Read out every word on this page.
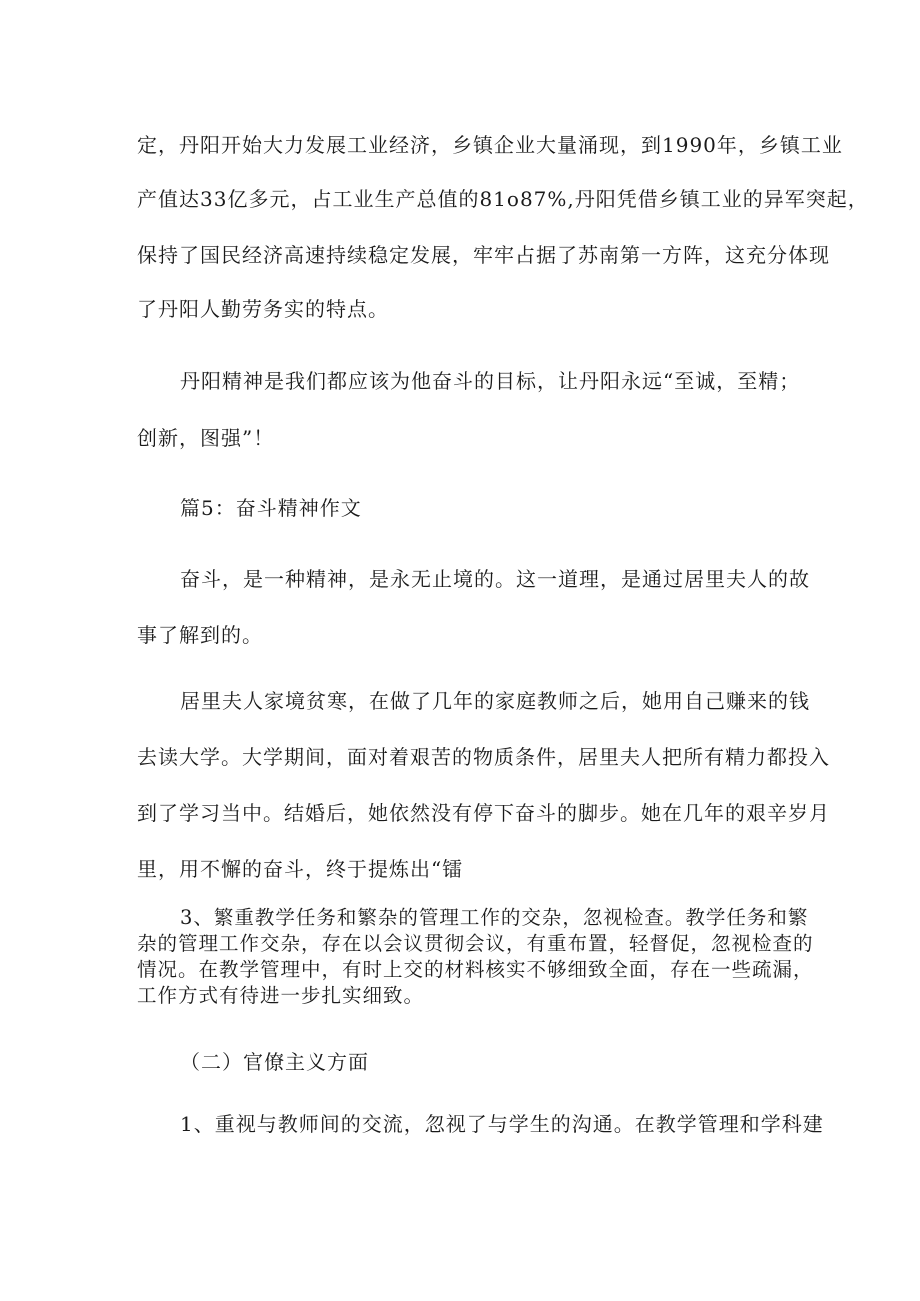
定，丹阳开始大力发展工业经济，乡镇企业大量涌现，到1990年，乡镇工业
产值达33亿多元，占工业生产总值的81o87%,丹阳凭借乡镇工业的异军突起，
保持了国民经济高速持续稳定发展，牢牢占据了苏南第一方阵，这充分体现
了丹阳人勤劳务实的特点。
丹阳精神是我们都应该为他奋斗的目标，让丹阳永远“至诚，至精；
创新，图强”！
篇5：奋斗精神作文
奋斗，是一种精神，是永无止境的。这一道理，是通过居里夫人的故
事了解到的。
居里夫人家境贫寒，在做了几年的家庭教师之后，她用自己赚来的钱
去读大学。大学期间，面对着艰苦的物质条件，居里夫人把所有精力都投入
到了学习当中。结婚后，她依然没有停下奋斗的脚步。她在几年的艰辛岁月
里，用不懈的奋斗，终于提炼出“镭
3、繁重教学任务和繁杂的管理工作的交杂，忽视检查。教学任务和繁
杂的管理工作交杂，存在以会议贯彻会议，有重布置，轻督促，忽视检查的
情况。在教学管理中，有时上交的材料核实不够细致全面，存在一些疏漏，
工作方式有待进一步扎实细致。
（二）官僚主义方面
1、重视与教师间的交流，忽视了与学生的沟通。在教学管理和学科建
